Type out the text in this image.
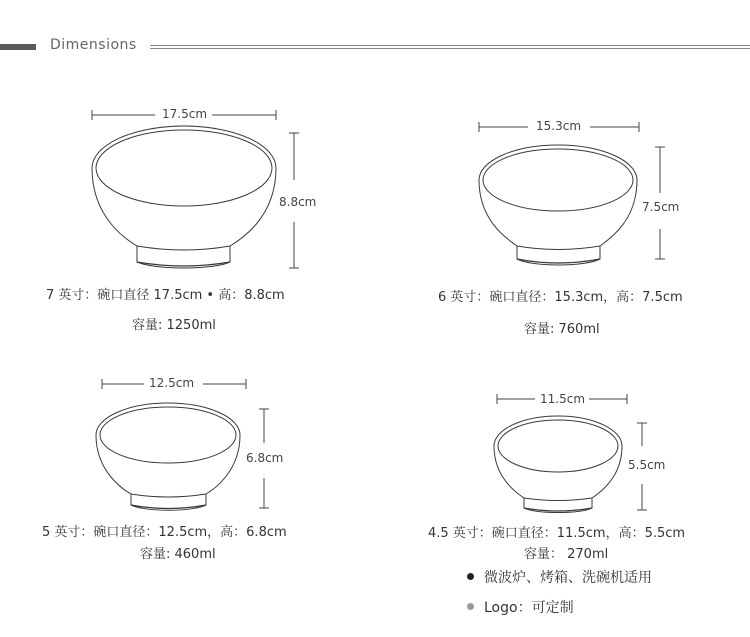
Dimensions
17.5cm
8.8cm
7 英寸：碗口直径 17.5cm • 高：8.8cm
容量: 1250ml
15.3cm
7.5cm
6 英寸：碗口直径：15.3cm，高：7.5cm
容量: 760ml
12.5cm
6.8cm
5 英寸：碗口直径：12.5cm，高：6.8cm
容量: 460ml
11.5cm
5.5cm
4.5 英寸：碗口直径：11.5cm，高：5.5cm
容量： 270ml
微波炉、烤箱、洗碗机适用
Logo：可定制
